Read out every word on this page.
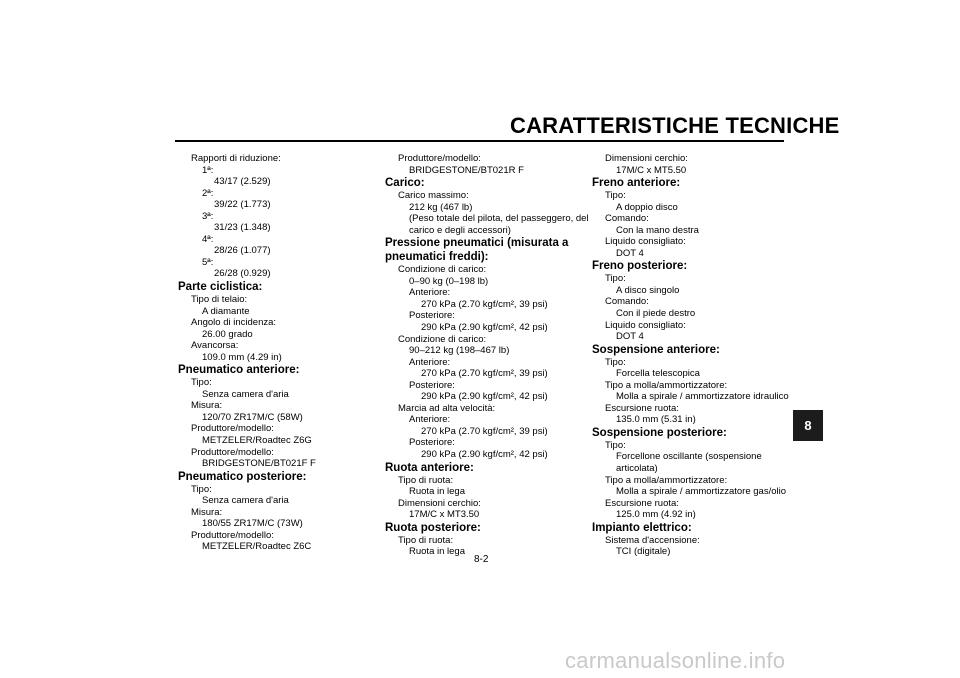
CARATTERISTICHE TECNICHE
Rapporti di riduzione:
1ª:
43/17 (2.529)
2ª:
39/22 (1.773)
3ª:
31/23 (1.348)
4ª:
28/26 (1.077)
5ª:
26/28 (0.929)
Parte ciclistica:
Tipo di telaio:
A diamante
Angolo di incidenza:
26.00 grado
Avancorsa:
109.0 mm (4.29 in)
Pneumatico anteriore:
Tipo:
Senza camera d'aria
Misura:
120/70 ZR17M/C (58W)
Produttore/modello:
METZELER/Roadtec Z6G
Produttore/modello:
BRIDGESTONE/BT021F F
Pneumatico posteriore:
Tipo:
Senza camera d'aria
Misura:
180/55 ZR17M/C (73W)
Produttore/modello:
METZELER/Roadtec Z6C
Produttore/modello:
BRIDGESTONE/BT021R F
Carico:
Carico massimo:
212 kg (467 lb)
(Peso totale del pilota, del passeggero, del
carico e degli accessori)
Pressione pneumatici (misurata a
pneumatici freddi):
Condizione di carico:
0–90 kg (0–198 lb)
Anteriore:
270 kPa (2.70 kgf/cm², 39 psi)
Posteriore:
290 kPa (2.90 kgf/cm², 42 psi)
Condizione di carico:
90–212 kg (198–467 lb)
Anteriore:
270 kPa (2.70 kgf/cm², 39 psi)
Posteriore:
290 kPa (2.90 kgf/cm², 42 psi)
Marcia ad alta velocità:
Anteriore:
270 kPa (2.70 kgf/cm², 39 psi)
Posteriore:
290 kPa (2.90 kgf/cm², 42 psi)
Ruota anteriore:
Tipo di ruota:
Ruota in lega
Dimensioni cerchio:
17M/C x MT3.50
Ruota posteriore:
Tipo di ruota:
Ruota in lega
Dimensioni cerchio:
17M/C x MT5.50
Freno anteriore:
Tipo:
A doppio disco
Comando:
Con la mano destra
Liquido consigliato:
DOT 4
Freno posteriore:
Tipo:
A disco singolo
Comando:
Con il piede destro
Liquido consigliato:
DOT 4
Sospensione anteriore:
Tipo:
Forcella telescopica
Tipo a molla/ammortizzatore:
Molla a spirale / ammortizzatore idraulico
Escursione ruota:
135.0 mm (5.31 in)
Sospensione posteriore:
Tipo:
Forcellone oscillante (sospensione
articolata)
Tipo a molla/ammortizzatore:
Molla a spirale / ammortizzatore gas/olio
Escursione ruota:
125.0 mm (4.92 in)
Impianto elettrico:
Sistema d'accensione:
TCI (digitale)
8
8-2
carmanualsonline.info
